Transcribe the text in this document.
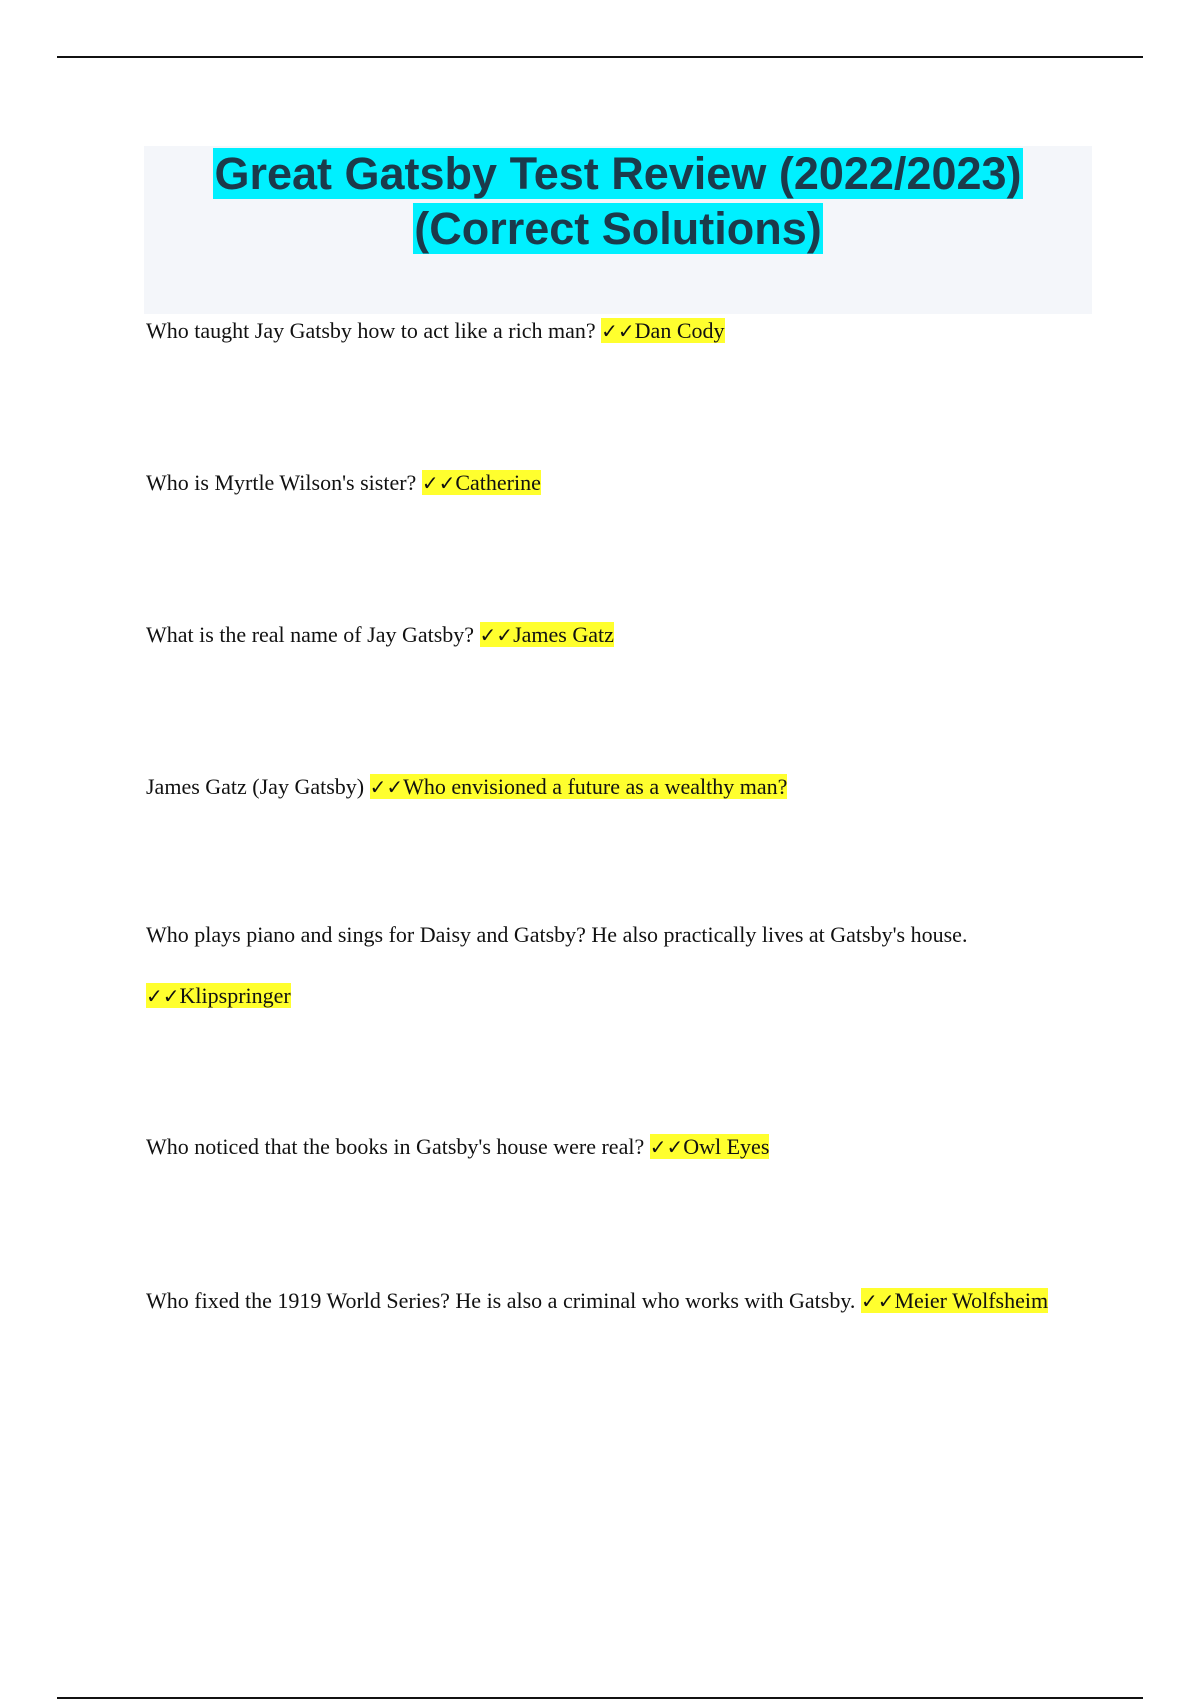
Great Gatsby Test Review (2022/2023)
(Correct Solutions)

Who taught Jay Gatsby how to act like a rich man? ✓✓Dan Cody

Who is Myrtle Wilson's sister? ✓✓Catherine

What is the real name of Jay Gatsby? ✓✓James Gatz

James Gatz (Jay Gatsby) ✓✓Who envisioned a future as a wealthy man?

Who plays piano and sings for Daisy and Gatsby? He also practically lives at Gatsby's house. ✓✓Klipspringer

Who noticed that the books in Gatsby's house were real? ✓✓Owl Eyes

Who fixed the 1919 World Series? He is also a criminal who works with Gatsby. ✓✓Meier Wolfsheim
